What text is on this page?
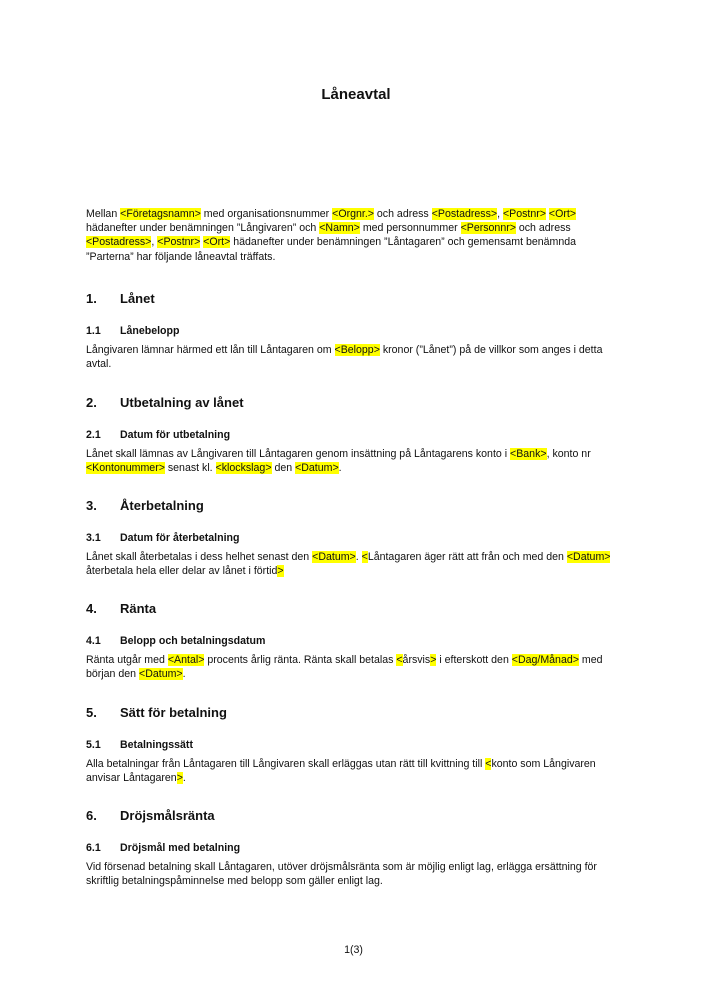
Låneavtal
Mellan <Företagsnamn> med organisationsnummer <Orgnr.> och adress <Postadress>, <Postnr> <Ort> hädanefter under benämningen ”Långivaren” och <Namn> med personnummer <Personnr> och adress <Postadress>, <Postnr> <Ort> hädanefter under benämningen ”Låntagaren” och gemensamt benämnda ”Parterna” har följande låneavtal träffats.
1. Lånet
1.1 Lånebelopp
Långivaren lämnar härmed ett lån till Låntagaren om <Belopp> kronor (”Lånet”) på de villkor som anges i detta avtal.
2. Utbetalning av lånet
2.1 Datum för utbetalning
Lånet skall lämnas av Långivaren till Låntagaren genom insättning på Låntagarens konto i <Bank>, konto nr <Kontonummer> senast kl. <klockslag> den <Datum>.
3. Återbetalning
3.1 Datum för återbetalning
Lånet skall återbetalas i dess helhet senast den <Datum>. <Låntagaren äger rätt att från och med den <Datum> återbetala hela eller delar av lånet i förtid>
4. Ränta
4.1 Belopp och betalningsdatum
Ränta utgår med <Antal> procents årlig ränta. Ränta skall betalas <årsvis> i efterskott den <Dag/Månad> med början den <Datum>.
5. Sätt för betalning
5.1 Betalningssätt
Alla betalningar från Låntagaren till Långivaren skall erläggas utan rätt till kvittning till <konto som Långivaren anvisar Låntagaren>.
6. Dröjsmålsränta
6.1 Dröjsmål med betalning
Vid försenad betalning skall Låntagaren, utöver dröjsmålsränta som är möjlig enligt lag, erlägga ersättning för skriftlig betalningspåminnelse med belopp som gäller enligt lag.
1(3)
